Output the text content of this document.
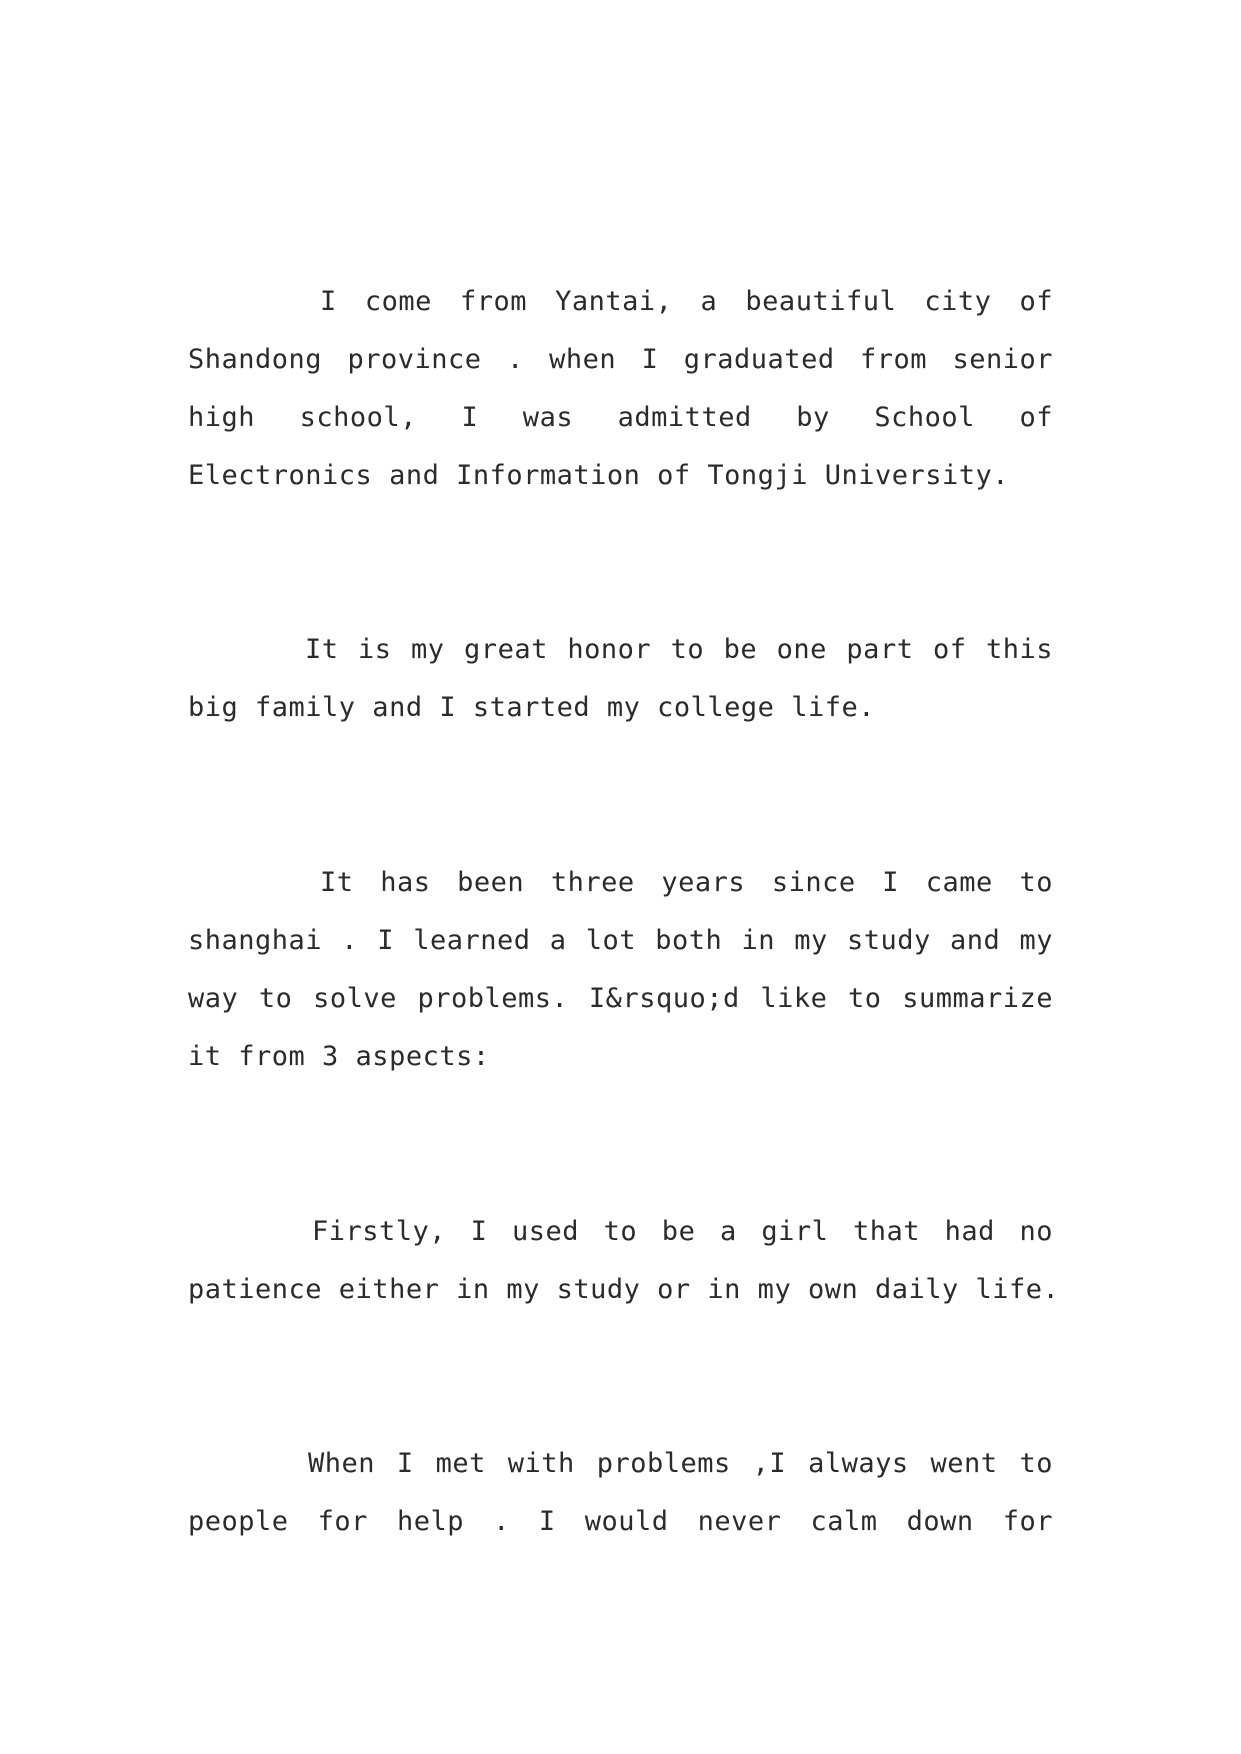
I come from Yantai, a beautiful city of
Shandong province . when I graduated from senior
high school, I was admitted by School of
Electronics and Information of Tongji University.
It is my great honor to be one part of this
big family and I started my college life.
It has been three years since I came to
shanghai . I learned a lot both in my study and my
way to solve problems. I&rsquo;d like to summarize
it from 3 aspects:
Firstly, I used to be a girl that had no
patience either in my study or in my own daily life.
When I met with problems ,I always went to
people for help . I would never calm down for
